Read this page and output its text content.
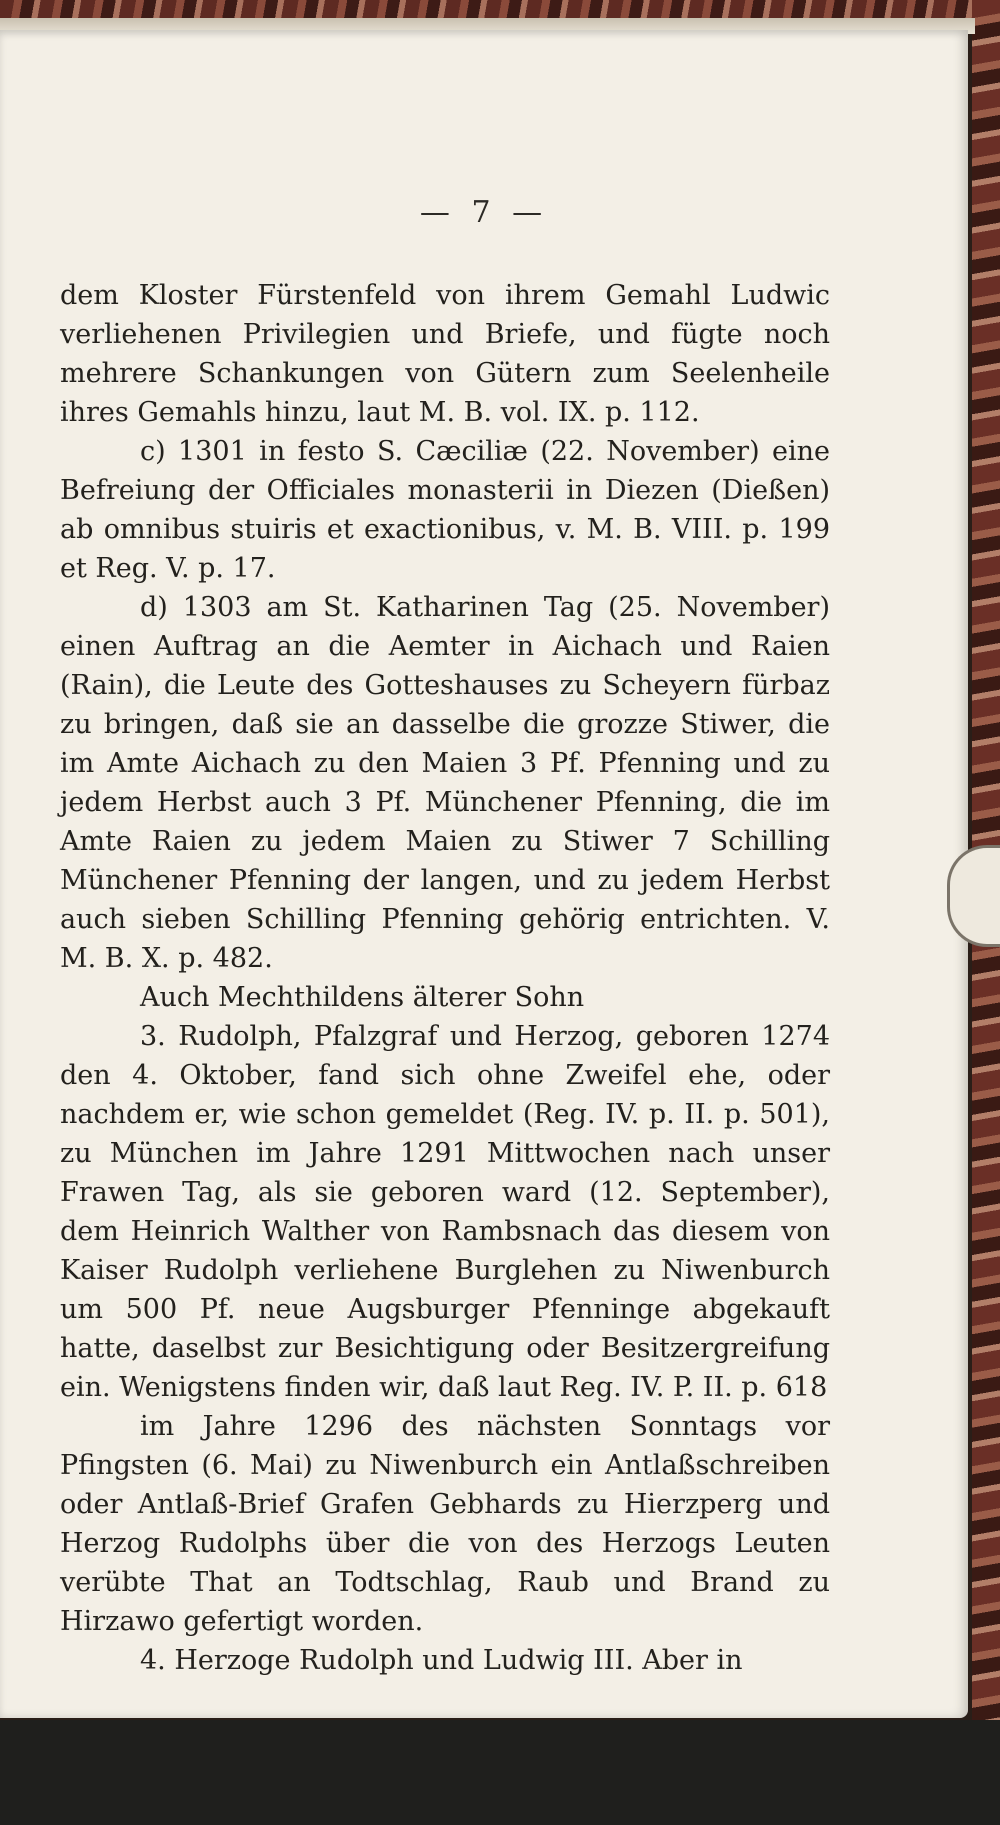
— 7 —

dem Kloster Fürstenfeld von ihrem Gemahl Ludwic verliehenen Privilegien und Briefe, und fügte noch mehrere Schankungen von Gütern zum Seelenheile ihres Gemahls hinzu, laut M. B. vol. IX. p. 112.

c) 1301 in festo S. Cæciliæ (22. November) eine Befreiung der Officiales monasterii in Diezen (Dießen) ab omnibus stuiris et exactionibus, v. M. B. VIII. p. 199 et Reg. V. p. 17.

d) 1303 am St. Katharinen Tag (25. November) einen Auftrag an die Aemter in Aichach und Raien (Rain), die Leute des Gotteshauses zu Scheyern fürbaz zu bringen, daß sie an dasselbe die grozze Stiwer, die im Amte Aichach zu den Maien 3 Pf. Pfenning und zu jedem Herbst auch 3 Pf. Münchener Pfenning, die im Amte Raien zu jedem Maien zu Stiwer 7 Schilling Münchener Pfenning der langen, und zu jedem Herbst auch sieben Schilling Pfenning gehörig entrichten. V. M. B. X. p. 482.

Auch Mechthildens älterer Sohn

3. Rudolph, Pfalzgraf und Herzog, geboren 1274 den 4. Oktober, fand sich ohne Zweifel ehe, oder nachdem er, wie schon gemeldet (Reg. IV. p. II. p. 501), zu München im Jahre 1291 Mittwochen nach unser Frawen Tag, als sie geboren ward (12. September), dem Heinrich Walther von Rambsnach das diesem von Kaiser Rudolph verliehene Burglehen zu Niwenburch um 500 Pf. neue Augsburger Pfenninge abgekauft hatte, daselbst zur Besichtigung oder Besitzergreifung ein. Wenigstens finden wir, daß laut Reg. IV. P. II. p. 618

im Jahre 1296 des nächsten Sonntags vor Pfingsten (6. Mai) zu Niwenburch ein Antlaßschreiben oder Antlaß-Brief Grafen Gebhards zu Hierzperg und Herzog Rudolphs über die von des Herzogs Leuten verübte That an Todtschlag, Raub und Brand zu Hirzawo gefertigt worden.

4. Herzoge Rudolph und Ludwig III. Aber in
